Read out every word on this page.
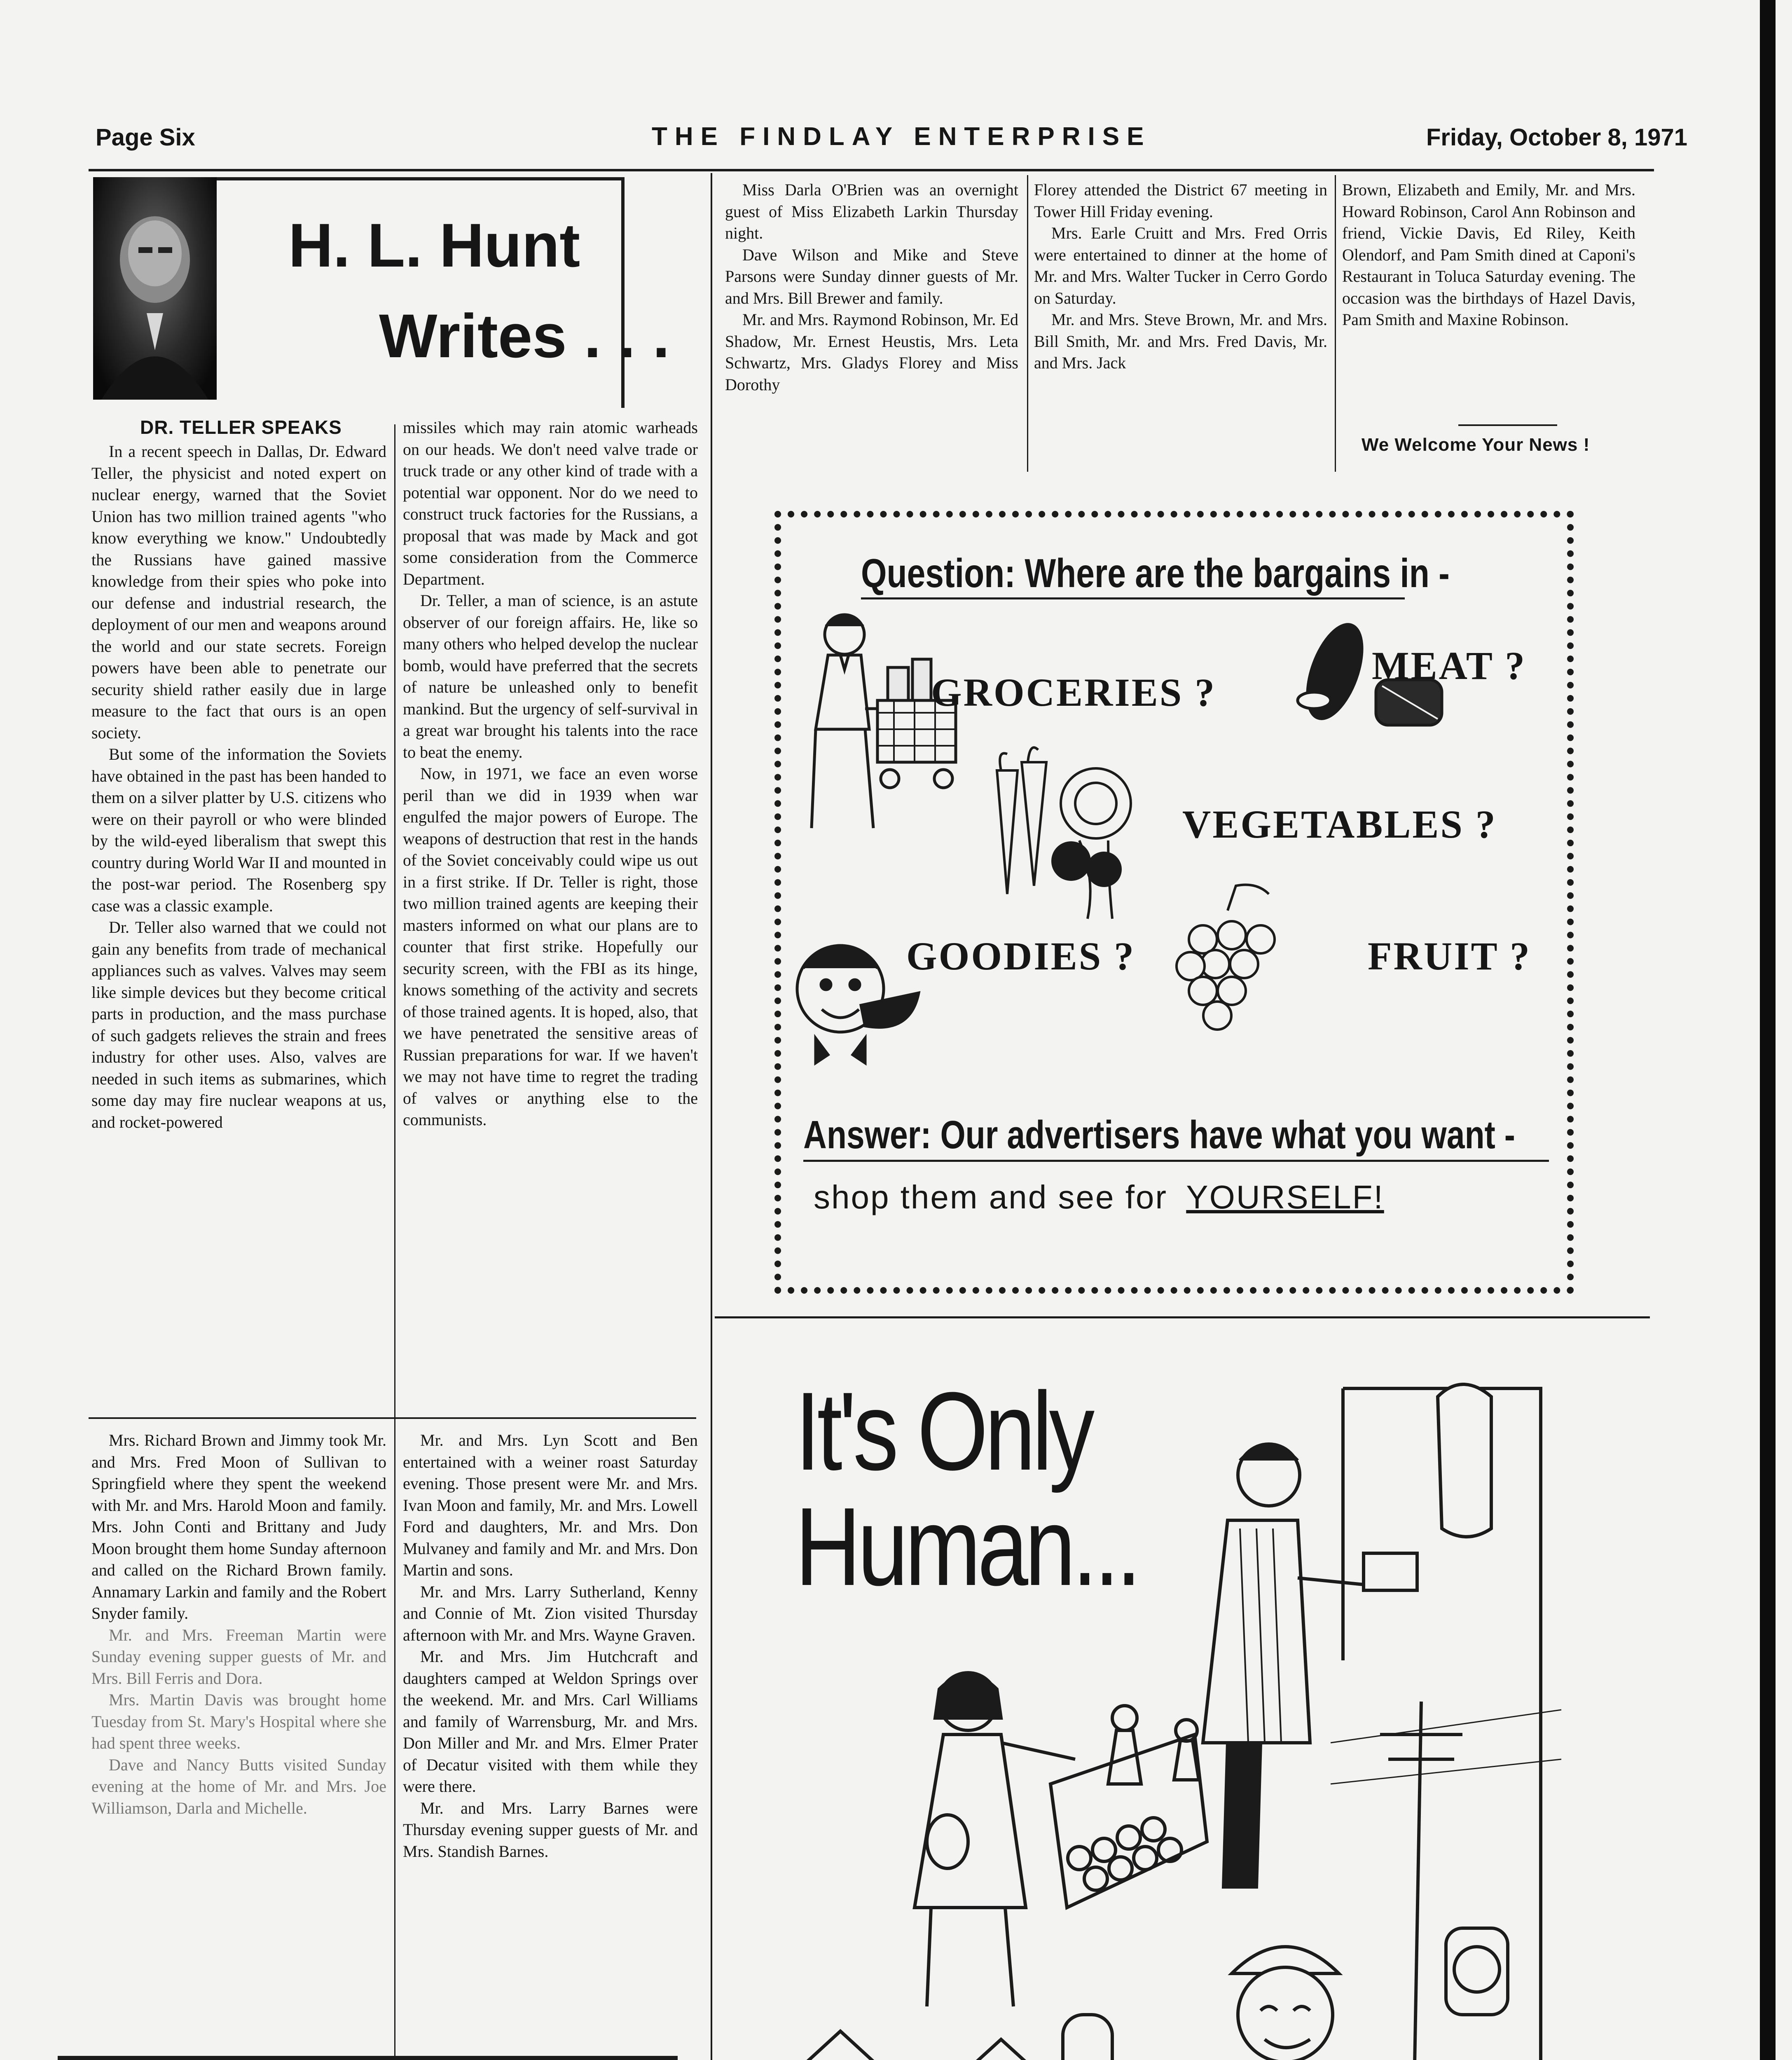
Page Six	THE FINDLAY ENTERPRISE	Friday, October 8, 1971
H. L. Hunt
Writes . . .
DR. TELLER SPEAKS

In a recent speech in Dallas, Dr. Edward Teller, the physicist and noted expert on nuclear energy, warned that the Soviet Union has two million trained agents "who know everything we know." Undoubtedly the Russians have gained massive knowledge from their spies who poke into our defense and industrial research, the deployment of our men and weapons around the world and our state secrets. Foreign powers have been able to penetrate our security shield rather easily due in large measure to the fact that ours is an open society.

But some of the information the Soviets have obtained in the past has been handed to them on a silver platter by U.S. citizens who were on their payroll or who were blinded by the wild-eyed liberalism that swept this country during World War II and mounted in the post-war period. The Rosenberg spy case was a classic example.

Dr. Teller also warned that we could not gain any benefits from trade of mechanical appliances such as valves. Valves may seem like simple devices but they become critical parts in production, and the mass purchase of such gadgets relieves the strain and frees industry for other uses. Also, valves are needed in such items as submarines, which some day may fire nuclear weapons at us, and rocket-powered

missiles which may rain atomic warheads on our heads. We don't need valve trade or truck trade or any other kind of trade with a potential war opponent. Nor do we need to construct truck factories for the Russians, a proposal that was made by Mack and got some consideration from the Commerce Department.

Dr. Teller, a man of science, is an astute observer of our foreign affairs. He, like so many others who helped develop the nuclear bomb, would have preferred that the secrets of nature be unleashed only to benefit mankind. But the urgency of self-survival in a great war brought his talents into the race to beat the enemy.

Now, in 1971, we face an even worse peril than we did in 1939 when war engulfed the major powers of Europe. The weapons of destruction that rest in the hands of the Soviet conceivably could wipe us out in a first strike. If Dr. Teller is right, those two million trained agents are keeping their masters informed on what our plans are to counter that first strike. Hopefully our security screen, with the FBI as its hinge, knows something of the activity and secrets of those trained agents. It is hoped, also, that we have penetrated the sensitive areas of Russian preparations for war. If we haven't we may not have time to regret the trading of valves or anything else to the communists.

Mrs. Richard Brown and Jimmy took Mr. and Mrs. Fred Moon of Sullivan to Springfield where they spent the weekend with Mr. and Mrs. Harold Moon and family. Mrs. John Conti and Brittany and Judy Moon brought them home Sunday afternoon and called on the Richard Brown family. Annamary Larkin and family and the Robert Snyder family.

Mr. and Mrs. Freeman Martin were Sunday evening supper guests of Mr. and Mrs. Bill Ferris and Dora.

Mrs. Martin Davis was brought home Tuesday from St. Mary's Hospital where she had spent three weeks.

Dave and Nancy Butts visited Sunday evening at the home of Mr. and Mrs. Joe Williamson, Darla and Michelle.

Mr. and Mrs. Lyn Scott and Ben entertained with a weiner roast Saturday evening. Those present were Mr. and Mrs. Ivan Moon and family, Mr. and Mrs. Lowell Ford and daughters, Mr. and Mrs. Don Mulvaney and family and Mr. and Mrs. Don Martin and sons.

Mr. and Mrs. Larry Sutherland, Kenny and Connie of Mt. Zion visited Thursday afternoon with Mr. and Mrs. Wayne Graven.

Mr. and Mrs. Jim Hutchcraft and daughters camped at Weldon Springs over the weekend. Mr. and Mrs. Carl Williams and family of Warrensburg, Mr. and Mrs. Don Miller and Mr. and Mrs. Elmer Prater of Decatur visited with them while they were there.

Mr. and Mrs. Larry Barnes were Thursday evening supper guests of Mr. and Mrs. Standish Barnes.

Miss Darla O'Brien was an overnight guest of Miss Elizabeth Larkin Thursday night.

Dave Wilson and Mike and Steve Parsons were Sunday dinner guests of Mr. and Mrs. Bill Brewer and family.

Mr. and Mrs. Raymond Robinson, Mr. Ed Shadow, Mr. Ernest Heustis, Mrs. Leta Schwartz, Mrs. Gladys Florey and Miss Dorothy

Florey attended the District 67 meeting in Tower Hill Friday evening.

Mrs. Earle Cruitt and Mrs. Fred Orris were entertained to dinner at the home of Mr. and Mrs. Walter Tucker in Cerro Gordo on Saturday.

Mr. and Mrs. Steve Brown, Mr. and Mrs. Bill Smith, Mr. and Mrs. Fred Davis, Mr. and Mrs. Jack

Brown, Elizabeth and Emily, Mr. and Mrs. Howard Robinson, Carol Ann Robinson and friend, Vickie Davis, Ed Riley, Keith Olendorf, and Pam Smith dined at Caponi's Restaurant in Toluca Saturday evening. The occasion was the birthdays of Hazel Davis, Pam Smith and Maxine Robinson.

We Welcome Your News !
Question: Where are the bargains in -
GROCERIES ?
MEAT ?
VEGETABLES ?
GOODIES ?	FRUIT ?
Answer: Our advertisers have what you want -
shop them and see for YOURSELF!
It's Only
Human...
